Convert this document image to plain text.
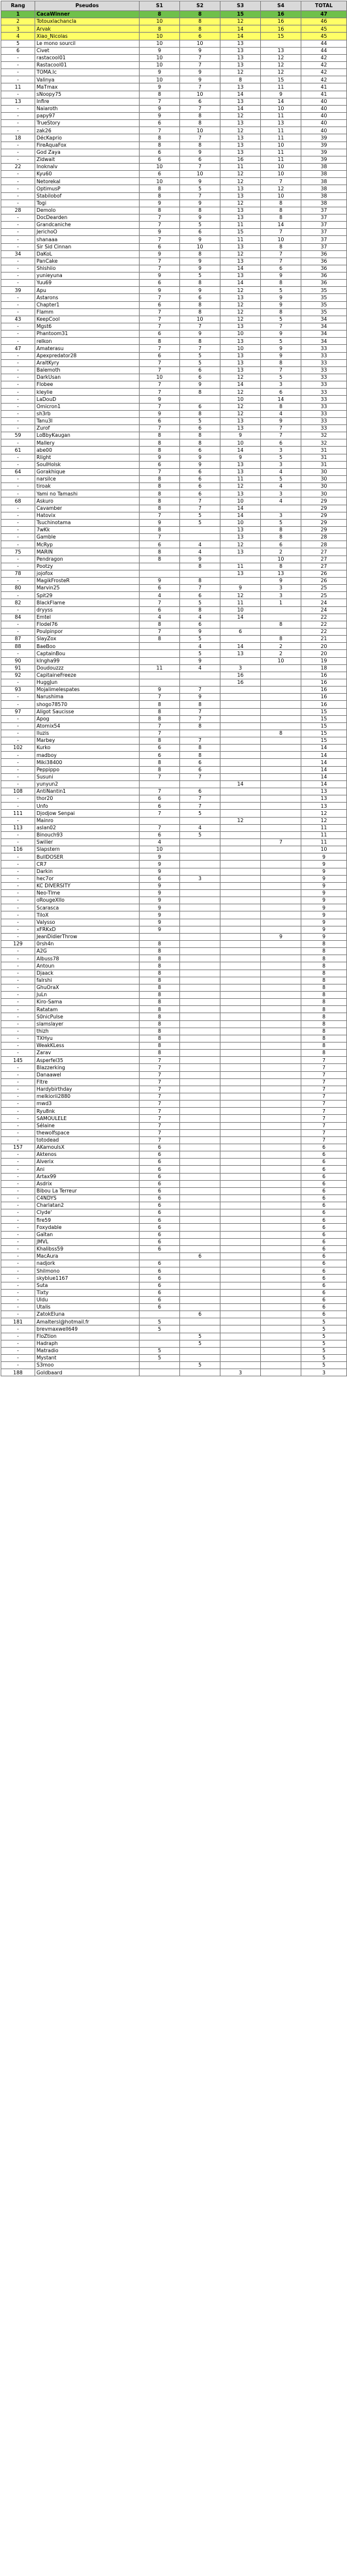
Rang	Pseudos	S1	S2	S3	S4	TOTAL
1	CacaWinner	8	8	15	16	47
2	Totouxlachancla	10	8	12	16	46
3	Arvak	8	8	14	16	45
4	Xiao_Nicolas	10	6	14	15	45
5	Le mono sourcil	10	10	13		44
6	Civet	9	9	13	13	44
-	rastacool01	10	7	13	12	42
-	Rastacool01	10	7	13	12	42
-	TOMA.lc	9	9	12	12	42
-	Valinya	10	9	8	15	42
11	MaTmax	9	7	13	11	41
-	sNoopy75	8	10	14	9	41
13	Infire	7	6	13	14	40
-	Naiaroth	9	7	14	10	40
-	papy97	9	8	12	11	40
-	TrueStory	6	8	13	13	40
-	zak26	7	10	12	11	40
18	DécKaprio	8	7	13	11	39
-	FireAquaFox	8	8	13	10	39
-	God Zaya	6	9	13	11	39
-	Zidwait	6	6	16	11	39
22	Inoknalv	10	7	11	10	38
-	Kyu60	6	10	12	10	38
-	Netorekal	10	9	12	7	38
-	OptimusP	8	5	13	12	38
-	Stabilobof	8	7	13	10	38
-	Togi	9	9	12	8	38
28	Demolo	8	8	13	8	37
-	DocDearden	7	9	13	8	37
-	Grandcaniche	7	5	11	14	37
-	JerichoO	9	6	15	7	37
-	shanaaa	7	9	11	10	37
-	Sir Sid Cinnan	6	10	13	8	37
34	DaKoL	9	8	12	7	36
-	PanCake	7	9	13	7	36
-	Shishiio	7	9	14	6	36
-	yunieyuna	9	5	13	9	36
-	Yuu69	6	8	14	8	36
39	Apu	9	9	12	5	35
-	Astarons	7	6	13	9	35
-	Chapter1	6	8	12	9	35
-	Flamm	7	8	12	8	35
43	KeepCool	7	10	12	5	34
-	Mgst6	7	7	13	7	34
-	Phantoom31	6	9	10	9	34
-	reIkon	8	8	13	5	34
47	Amaterasu	7	7	10	9	33
-	Apexpredator28	6	5	13	9	33
-	AraltKyry	7	5	13	8	33
-	Balemoth	7	6	13	7	33
-	DarkUsan	10	6	12	5	33
-	Flobee	7	9	14	3	33
-	kleylie	7	8	12	6	33
-	LaDouD	9		10	14	33
-	Omicron1	7	6	12	8	33
-	sh3rb	9	8	12	4	33
-	Tanu3l	6	5	13	9	33
-	Zurof	7	6	13	7	33
59	LoBbyKaugan	8	8	9	7	32
-	Mallery	8	8	10	6	32
61	abe00	8	6	14	3	31
-	Rlight	9	9	9	5	31
-	SoulHolsk	6	9	13	3	31
64	Gorakhique	7	6	13	4	30
-	narsilce	8	6	11	5	30
-	tiroak	8	6	12	4	30
-	Yami no Tamashi	8	6	13	3	30
68	Askuro	8	7	10	4	29
-	Cavamber	8	7	14		29
-	Hatovix	7	5	14	3	29
-	Tsuchinotama	9	5	10	5	29
-	7wKk	8		13	8	29
-	Gamble	7		13	8	28
-	McRyp	6	4	12	6	28
75	MARIN	8	4	13	2	27
-	Pendragon	8	9		10	27
-	Pootzy		8	11	8	27
78	jojofox			13	13	26
-	MagikFrosteR	9	8		9	26
80	Marvin25	6	7	9	3	25
-	Spit29	4	6	12	3	25
82	BlackFlame	7	5	11	1	24
-	dryyss	6	8	10		24
84	Emtel	4	4	14		22
-	Flodel76	8	6		8	22
-	Poulpinpor	7	9	6		22
87	SlayZox	8	5		8	21
88	BaeBoo		4	14	2	20
-	CaptainBou		5	13	2	20
90	klngha99		9		10	19
91	Doudouzzz	11	4	3		18
92	CapitaineFreeze			16		16
-	HuggJun			16		16
93	Mojalimelespates	9	7			16
-	Narushima	7	9			16
-	shogo78570	8	8			16
97	Aligot Saucisse	8	7			15
-	Apog	8	7			15
-	Atomix54	7	8			15
-	lluzis	7			8	15
-	Marbey	8	7			15
102	Kurko	6	8			14
-	madboy	6	8			14
-	Miki38400	8	6			14
-	Peppippo	8	6			14
-	Susuni	7	7			14
-	yunyun2			14		14
108	AntiNantin1	7	6			13
-	thor20	6	7			13
-	Unfo	6	7			13
111	Djodjow Senpai	7	5			12
-	Mainro			12		12
113	aslan02	7	4			11
-	Binouch93	6	5			11
-	Swilier	4			7	11
116	Slapstern	10				10
-	BullDOSER	9				9
-	CR7	9				9
-	Darkin	9				9
-	hec7or	6	3			9
-	KC DIVERSITY	9				9
-	Neo-Tlme	9				9
-	oRougeXIIo	9				9
-	Scarasca	9				9
-	TiloX	9				9
-	Valysso	9				9
-	xFRKxD	9				9
-	JeanDidierThrow				9	9
129	0rsh4n	8				8
-	A2G	8				8
-	Albuss78	8				8
-	Antoun	8				8
-	Djaack	8				8
-	falrshi	8				8
-	GhuOraX	8				8
-	JuLn	8				8
-	Kiro-Sama	8				8
-	Ratatam	8				8
-	S0nicPulse	8				8
-	slamslayer	8				8
-	thizh	8				8
-	TXHyu	8				8
-	WeakKLess	8				8
-	Zarav	8				8
145	Asperfel35	7				7
-	Blazzerking	7				7
-	Danaawel	7				7
-	Fltre	7				7
-	Hardybirthday	7				7
-	melkiorii2880	7				7
-	mwd3	7				7
-	Ryu8nk	7				7
-	SAMOULELE	7				7
-	Sélaine	7				7
-	thewolfspace	7				7
-	totodead	7				7
157	AKamoulsX	6				6
-	Aktenos	6				6
-	Alverix	6				6
-	Ani	6				6
-	Artax99	6				6
-	Asdrix	6				6
-	Bibou La Terreur	6				6
-	C4NDYS	6				6
-	Charlatan2	6				6
-	Clyde'	6				6
-	fire59	6				6
-	Foxydable	6				6
-	Gaïtan	6				6
-	JMVL	6				6
-	Khalibss59	6				6
-	MacAura		6			6
-	nadjork	6				6
-	Shilmono	6				6
-	skyblue1167	6				6
-	Suta	6				6
-	Tixty	6				6
-	Uldu	6				6
-	Utalis	6				6
-	ZatokEluna		6			6
181	Amaltersl@hotmail.fr	5				5
-	brevmaxwell649	5				5
-	FloZtion		5			5
-	Hadraph		5			5
-	Matradio	5				5
-	Mystant	5				5
-	S3moo		5			5
188	Goldbaard			3		3
